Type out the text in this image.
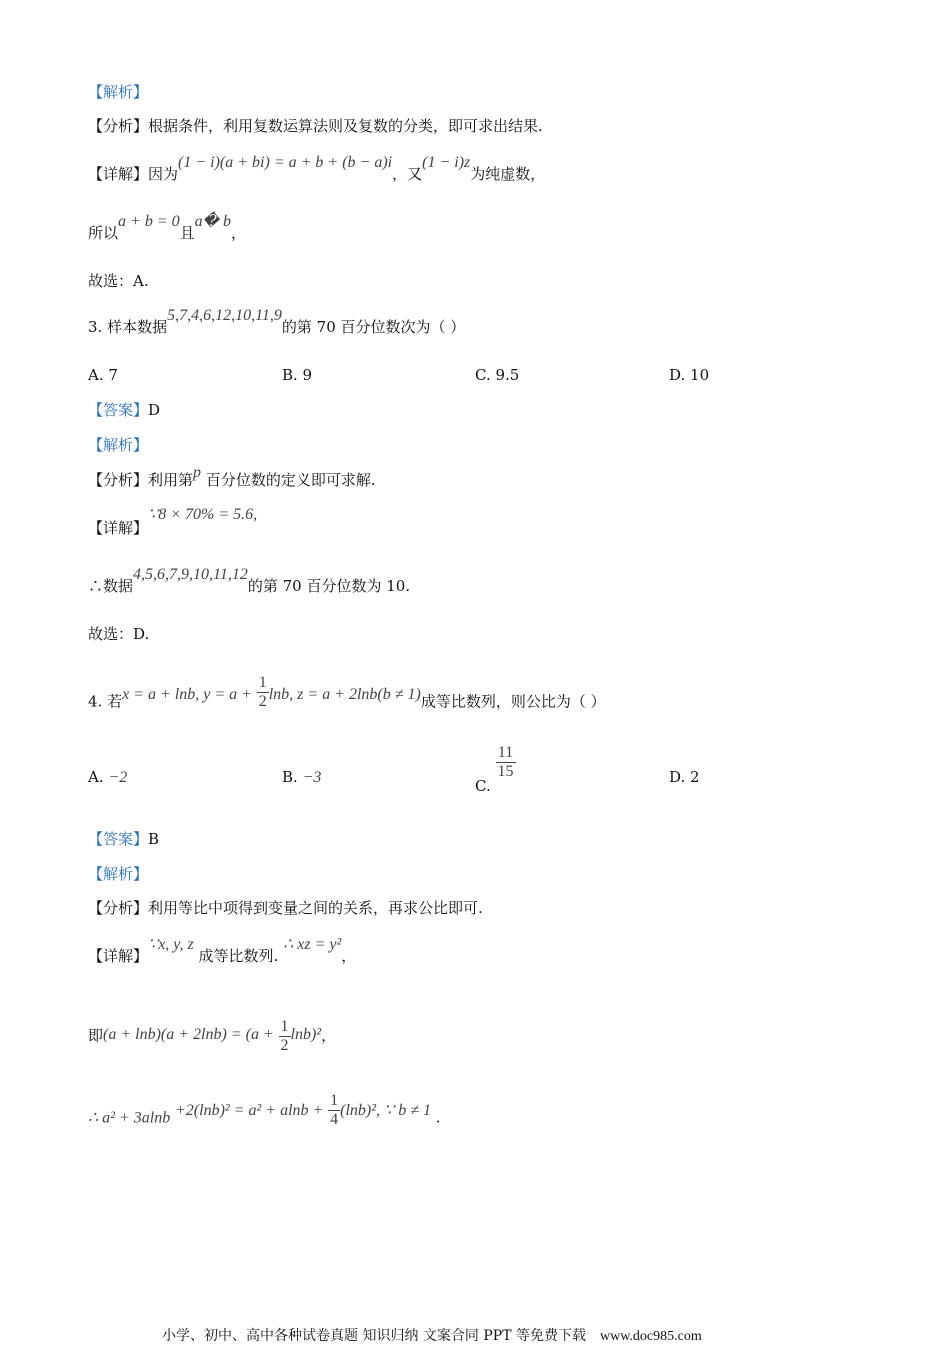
【解析】
【分析】根据条件，利用复数运算法则及复数的分类，即可求出结果.
【详解】因为(1 − i)(a + bi) = a + b + (b − a)i，又(1 − i)z为纯虚数，
所以a + b = 0且a� b，
故选：A.
3. 样本数据5,7,4,6,12,10,11,9的第 70 百分位数次为（ ）
A. 7	B. 9	C. 9.5	D. 10
【答案】D
【解析】
【分析】利用第p 百分位数的定义即可求解.
【详解】∵8 × 70% = 5.6,
∴数据4,5,6,7,9,10,11,12的第 70 百分位数为 10.
故选：D.
4. 若x = a + lnb, $y = a + \frac{1}{2} \ln b$, z = a + 2lnb(b ≠ 1)成等比数列，则公比为（ ）
A. −2	B. −3	C.
$\frac{11}{15}$	D. 2
【答案】B
【解析】
【分析】利用等比中项得到变量之间的关系，再求公比即可.
【详解】∵x, y, z 成等比数列. ∴ xz = y²，
即$(a + \ln b)(a + 2\ln b) = (a + \frac{1}{2} \ln b)^2$，
∴ $a^2 + 3alnb +2(\ln b)^2 = a^2 + alnb + \frac{1}{4} (\ln b)^2$, ∵ b ≠ 1 .
小学、初中、高中各种试卷真题 知识归纳 文案合同 PPT 等免费下载 www.doc985.com
